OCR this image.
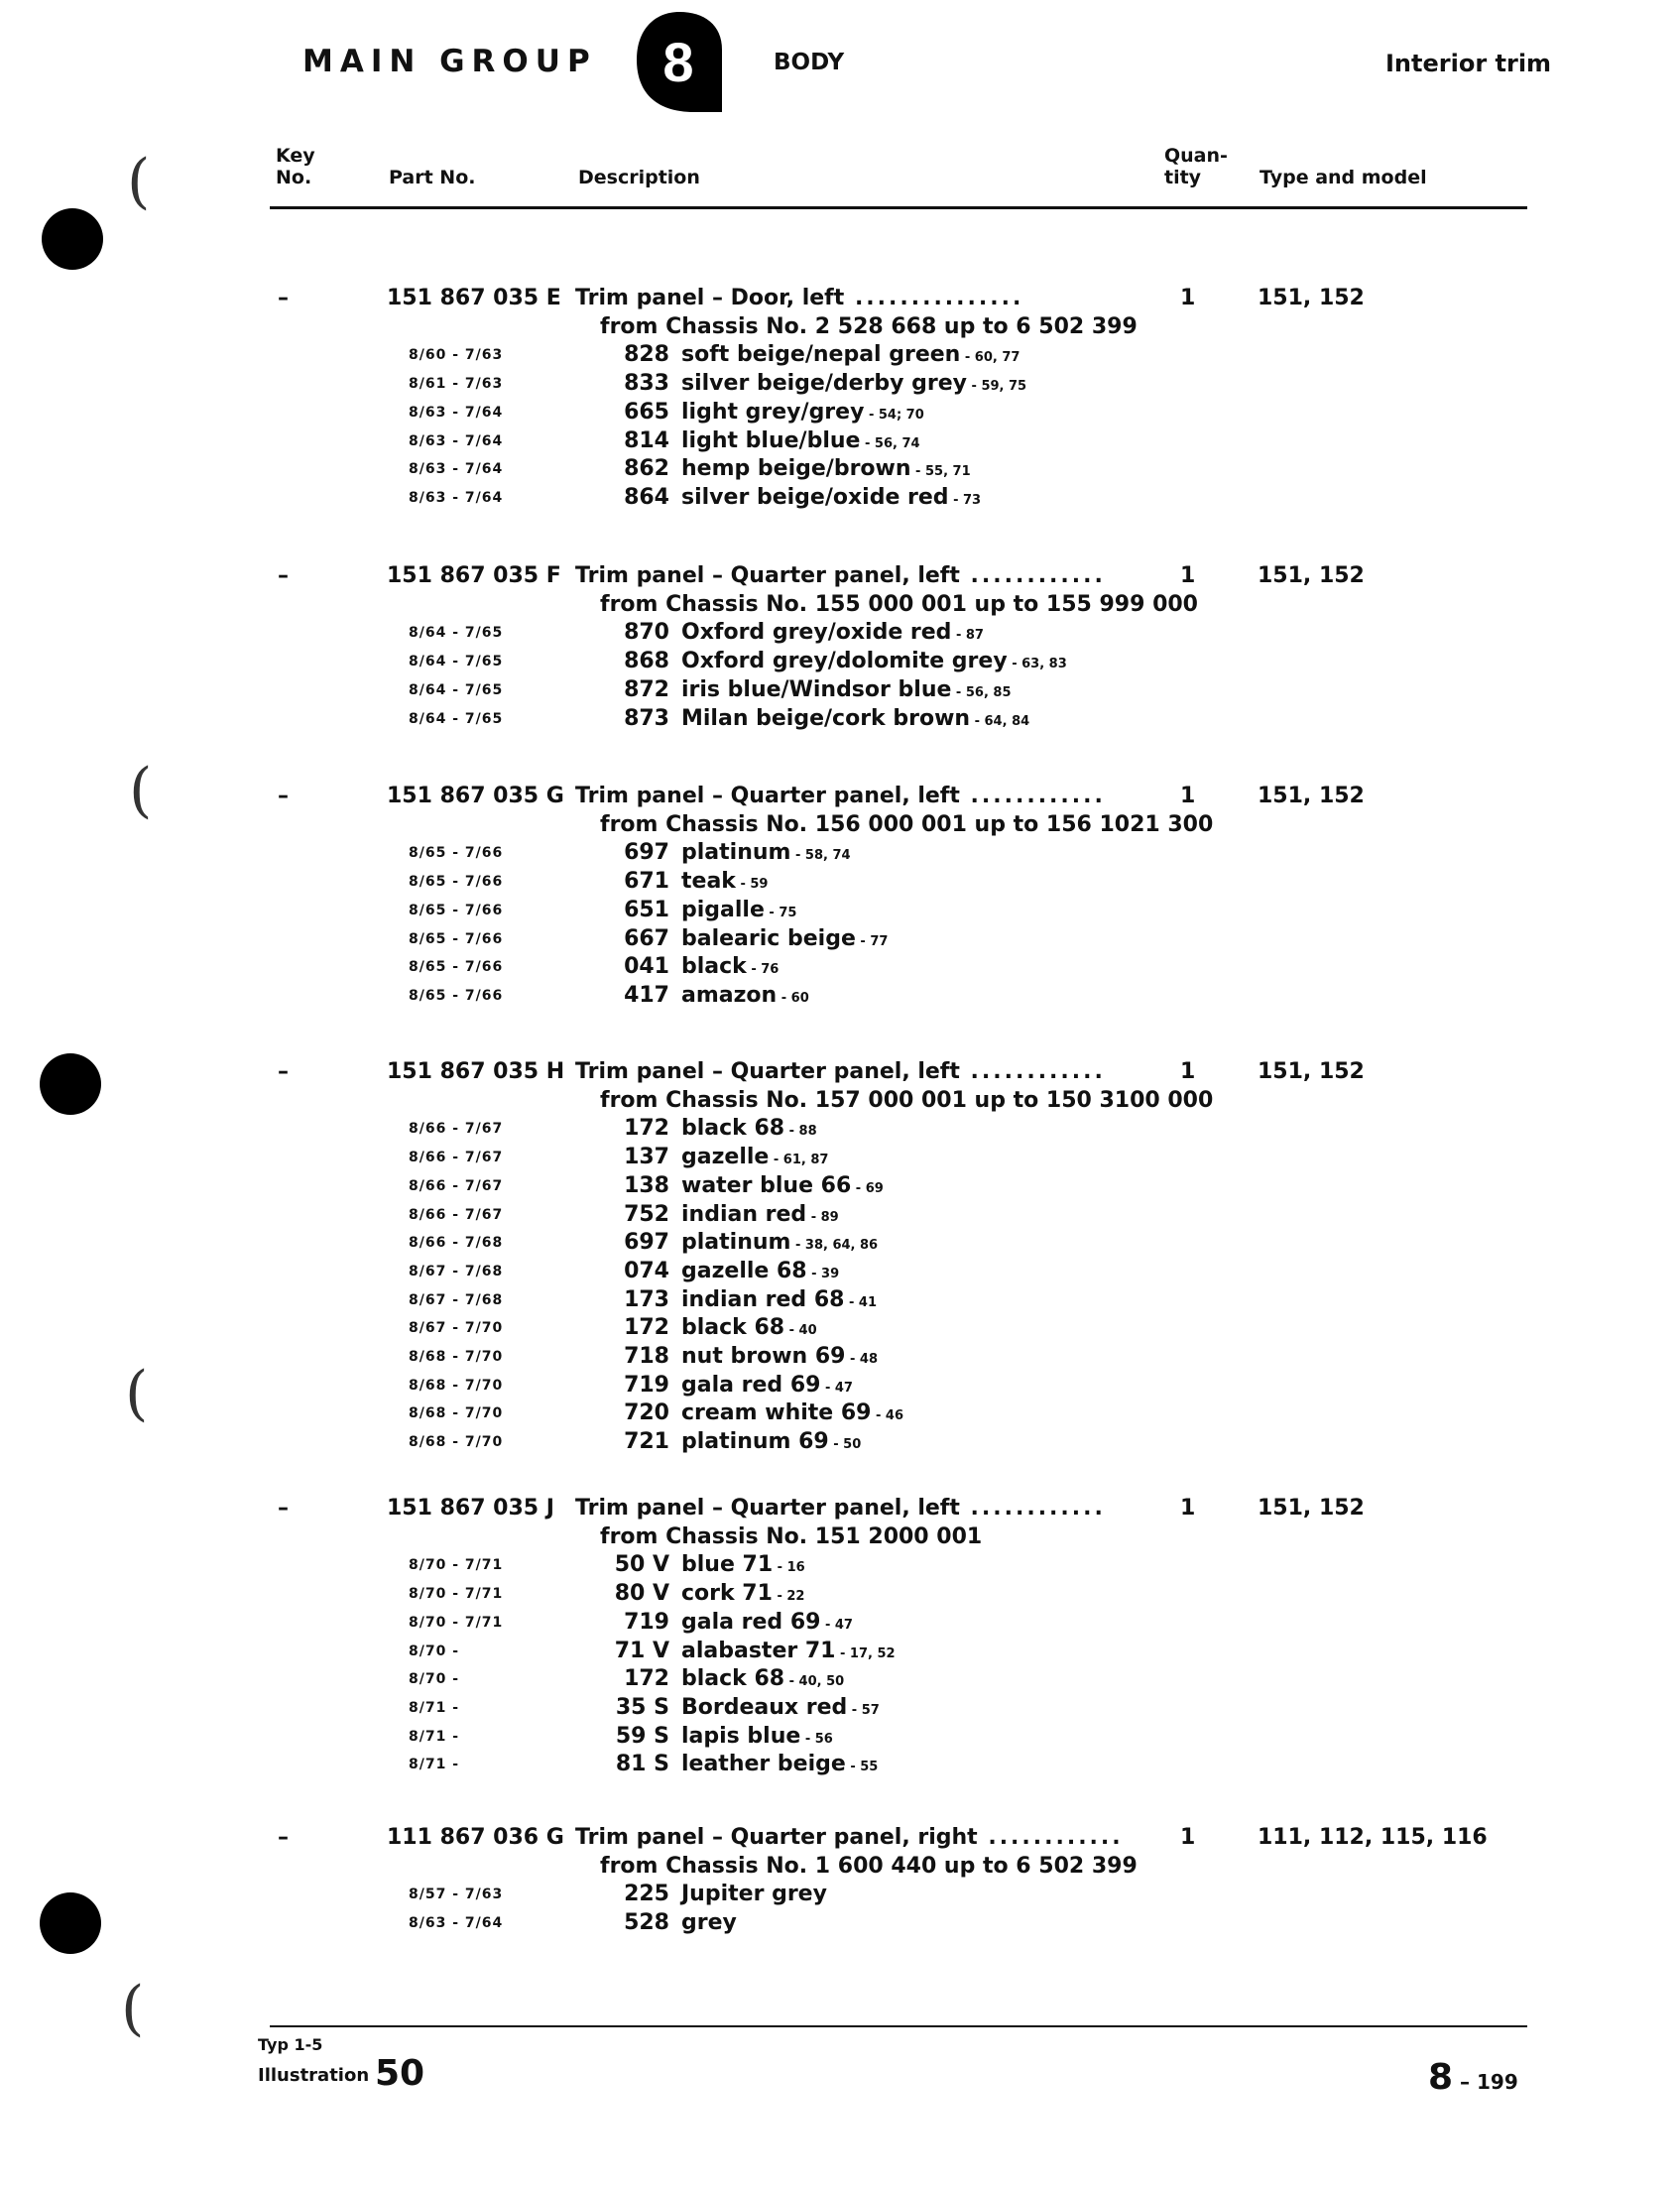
(
(
(
(
MAIN GROUP 8	BODY	Interior trim
Key
No.	Part No.	Description
Quan-
tity	Type and model
–	151 867 035 E Trim panel – Door, left ...............	1	151, 152
from Chassis No. 2 528 668 up to 6 502 399
8/60 - 7/63	828 soft beige/nepal green - 60, 77
8/61 - 7/63	833 silver beige/derby grey - 59, 75
8/63 - 7/64	665 light grey/grey - 54; 70
8/63 - 7/64	814 light blue/blue - 56, 74
8/63 - 7/64	862 hemp beige/brown - 55, 71
8/63 - 7/64	864 silver beige/oxide red - 73
–	151 867 035 F Trim panel – Quarter panel, left ............	1	151, 152
from Chassis No. 155 000 001 up to 155 999 000
8/64 - 7/65	870 Oxford grey/oxide red - 87
8/64 - 7/65	868 Oxford grey/dolomite grey - 63, 83
8/64 - 7/65	872 iris blue/Windsor blue - 56, 85
8/64 - 7/65	873 Milan beige/cork brown - 64, 84
–	151 867 035 G Trim panel – Quarter panel, left ............	1	151, 152
from Chassis No. 156 000 001 up to 156 1021 300
8/65 - 7/66	697 platinum - 58, 74
8/65 - 7/66	671 teak - 59
8/65 - 7/66	651 pigalle - 75
8/65 - 7/66	667 balearic beige - 77
8/65 - 7/66	041 black - 76
8/65 - 7/66	417 amazon - 60
–	151 867 035 H Trim panel – Quarter panel, left ............	1	151, 152
from Chassis No. 157 000 001 up to 150 3100 000
8/66 - 7/67	172 black 68 - 88
8/66 - 7/67	137 gazelle - 61, 87
8/66 - 7/67	138 water blue 66 - 69
8/66 - 7/67	752 indian red - 89
8/66 - 7/68	697 platinum - 38, 64, 86
8/67 - 7/68	074 gazelle 68 - 39
8/67 - 7/68	173 indian red 68 - 41
8/67 - 7/70	172 black 68 - 40
8/68 - 7/70	718 nut brown 69 - 48
8/68 - 7/70	719 gala red 69 - 47
8/68 - 7/70	720 cream white 69 - 46
8/68 - 7/70	721 platinum 69 - 50
–	151 867 035 J Trim panel – Quarter panel, left ............	1	151, 152
from Chassis No. 151 2000 001
8/70 - 7/71	50 V blue 71 - 16
8/70 - 7/71	80 V cork 71 - 22
8/70 - 7/71	719 gala red 69 - 47
8/70 -	71 V alabaster 71 - 17, 52
8/70 -	172 black 68 - 40, 50
8/71 -	35 S Bordeaux red - 57
8/71 -	59 S lapis blue - 56
8/71 -	81 S leather beige - 55
–	111 867 036 G Trim panel – Quarter panel, right ............	1	111, 112, 115, 116
from Chassis No. 1 600 440 up to 6 502 399
8/57 - 7/63	225 Jupiter grey
8/63 - 7/64	528 grey
Typ 1-5
Illustration 50	8 – 199
